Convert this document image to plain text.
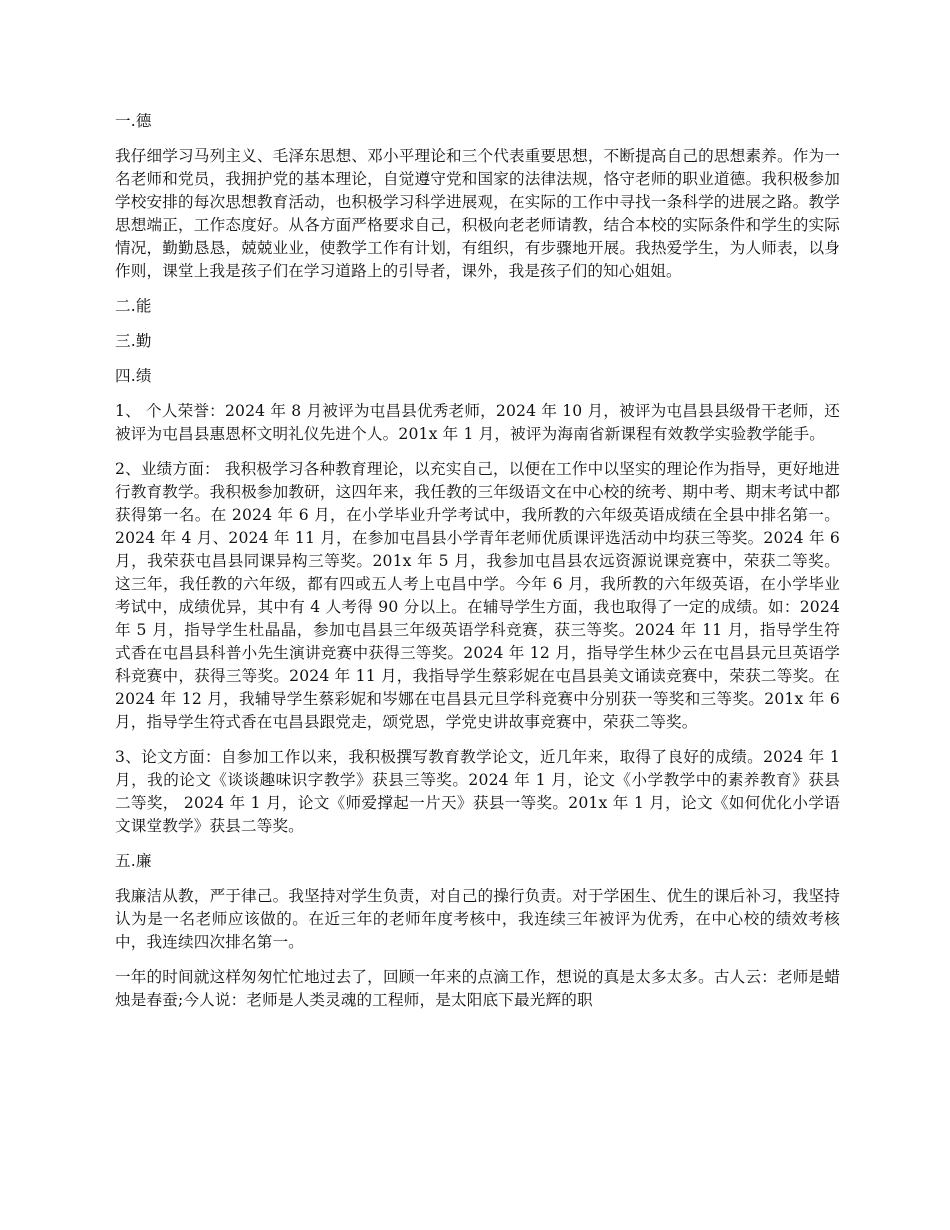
一.德
我仔细学习马列主义、毛泽东思想、邓小平理论和三个代表重要思想，不断提高自己的思想素养。作为一名老师和党员，我拥护党的基本理论，自觉遵守党和国家的法律法规，恪守老师的职业道德。我积极参加学校安排的每次思想教育活动，也积极学习科学进展观，在实际的工作中寻找一条科学的进展之路。教学思想端正，工作态度好。从各方面严格要求自己，积极向老老师请教，结合本校的实际条件和学生的实际情况，勤勤恳恳，兢兢业业，使教学工作有计划，有组织，有步骤地开展。我热爱学生，为人师表，以身作则，课堂上我是孩子们在学习道路上的引导者，课外，我是孩子们的知心姐姐。
二.能
三.勤
四.绩
1、 个人荣誉：2024 年 8 月被评为屯昌县优秀老师，2024 年 10 月，被评为屯昌县县级骨干老师，还被评为屯昌县惠恩杯文明礼仪先进个人。201x 年 1 月，被评为海南省新课程有效教学实验教学能手。
2、业绩方面： 我积极学习各种教育理论，以充实自己，以便在工作中以坚实的理论作为指导，更好地进行教育教学。我积极参加教研，这四年来，我任教的三年级语文在中心校的统考、期中考、期末考试中都获得第一名。在 2024 年 6 月，在小学毕业升学考试中，我所教的六年级英语成绩在全县中排名第一。2024 年 4 月、2024 年 11 月，在参加屯昌县小学青年老师优质课评选活动中均获三等奖。2024 年 6 月，我荣获屯昌县同课异构三等奖。201x 年 5 月，我参加屯昌县农远资源说课竞赛中，荣获二等奖。这三年，我任教的六年级，都有四或五人考上屯昌中学。今年 6 月，我所教的六年级英语，在小学毕业考试中，成绩优异，其中有 4 人考得 90 分以上。在辅导学生方面，我也取得了一定的成绩。如：2024 年 5 月，指导学生杜晶晶，参加屯昌县三年级英语学科竞赛，获三等奖。2024 年 11 月，指导学生符式香在屯昌县科普小先生演讲竞赛中获得三等奖。2024 年 12 月，指导学生林少云在屯昌县元旦英语学科竞赛中，获得三等奖。2024 年 11 月，我指导学生蔡彩妮在屯昌县美文诵读竞赛中，荣获二等奖。在 2024 年 12 月，我辅导学生蔡彩妮和岑娜在屯昌县元旦学科竞赛中分别获一等奖和三等奖。201x 年 6 月，指导学生符式香在屯昌县跟党走，颂党恩，学党史讲故事竞赛中，荣获二等奖。
3、论文方面：自参加工作以来，我积极撰写教育教学论文，近几年来，取得了良好的成绩。2024 年 1 月，我的论文《谈谈趣味识字教学》获县三等奖。2024 年 1 月，论文《小学教学中的素养教育》获县二等奖， 2024 年 1 月，论文《师爱撑起一片天》获县一等奖。201x 年 1 月，论文《如何优化小学语文课堂教学》获县二等奖。
五.廉
我廉洁从教，严于律己。我坚持对学生负责，对自己的操行负责。对于学困生、优生的课后补习，我坚持认为是一名老师应该做的。在近三年的老师年度考核中，我连续三年被评为优秀，在中心校的绩效考核中，我连续四次排名第一。
一年的时间就这样匆匆忙忙地过去了，回顾一年来的点滴工作，想说的真是太多太多。古人云：老师是蜡烛是春蚕;今人说：老师是人类灵魂的工程师，是太阳底下最光辉的职
